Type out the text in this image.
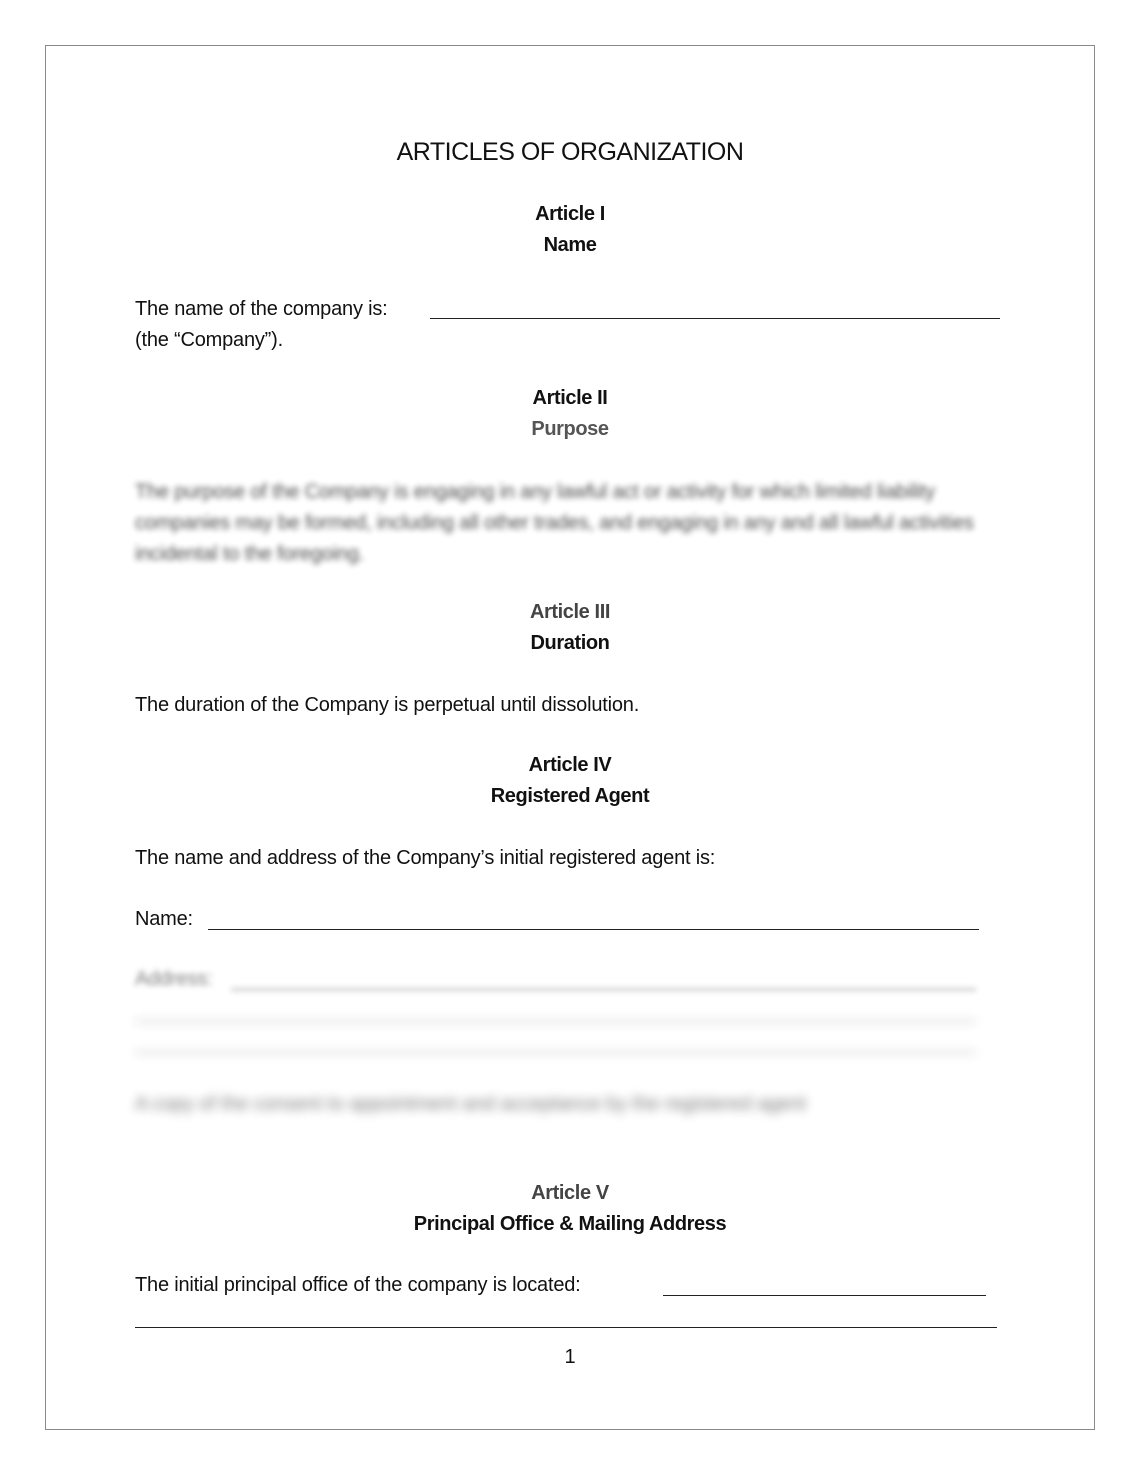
ARTICLES OF ORGANIZATION
Article I
Name
The name of the company is:
(the “Company”).
Article II
Purpose
The purpose of the Company is engaging in any lawful act or activity for which limited liability companies may be formed, including all other trades, and engaging in any and all lawful activities incidental to the foregoing.
Article III
Duration
The duration of the Company is perpetual until dissolution.
Article IV
Registered Agent
The name and address of the Company’s initial registered agent is:
Name:
Address:
A copy of the consent to appointment and acceptance by the registered agent
Article V
Principal Office & Mailing Address
The initial principal office of the company is located:
1
